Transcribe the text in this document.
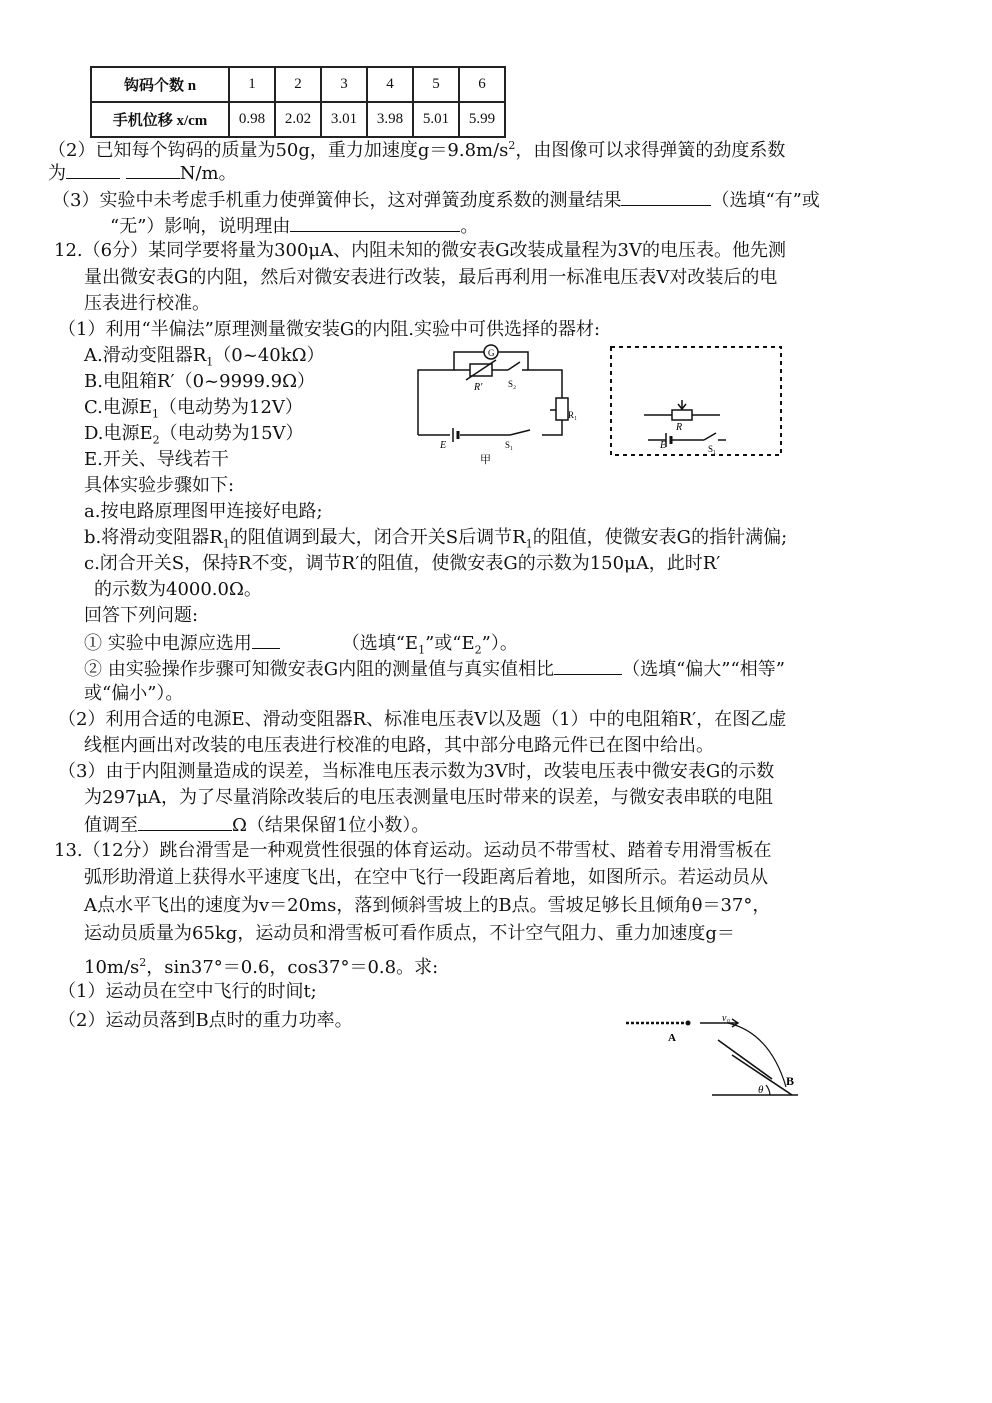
钩码个数 n	1	2	3	4	5	6
手机位移 x/cm	0.98	2.02	3.01	3.98	5.01	5.99
（2）已知每个钩码的质量为50g，重力加速度$g=9.8m/s^2$，由图像可以求得弹簧的劲度系数
为	N/m。
（3）实验中未考虑手机重力使弹簧伸长，这对弹簧劲度系数的测量结果	（选填“有”或
“无”）影响，说明理由	。
12.（6分）某同学要将量为300μA、内阻未知的微安表G改装成量程为3V的电压表。他先测
量出微安表G的内阻，然后对微安表进行改装，最后再利用一标准电压表V对改装后的电
压表进行校准。
（1）利用“半偏法”原理测量微安装G的内阻.实验中可供选择的器材:
A.滑动变阻器$R_1(0\sim 40k\Omega)$
B.电阻箱R′（0~9999.9Ω）
C.电源$E_1$（电动势为12V）
D.电源$E_2$（电动势为15V）
E.开关、导线若干
具体实验步骤如下:
a.按电路原理图甲连接好电路;
b.将滑动变阻器$R_1$的阻值调到最大，闭合开关S后调节$R_1$的阻值，使微安表G的指针满偏;
c.闭合开关S，保持R不变，调节R′的阻值，使微安表G的示数为150μA，此时R′
的示数为4000.0Ω。
回答下列问题:
① 实验中电源应选用	（选填“$E_1$”或“$E_2$”）。
② 由实验操作步骤可知微安表G内阻的测量值与真实值相比	（选填“偏大”“相等”
或“偏小”）。
（2）利用合适的电源E、滑动变阻器R、标准电压表V以及题（1）中的电阻箱R′，在图乙虚
线框内画出对改装的电压表进行校准的电路，其中部分电路元件已在图中给出。
（3）由于内阻测量造成的误差，当标准电压表示数为3V时，改装电压表中微安表G的示数
为297μA，为了尽量消除改装后的电压表测量电压时带来的误差，与微安表串联的电阻
值调至	Ω（结果保留1位小数）。
G
R′	S₂
R₁
E	S₁
甲
R
E	S₁
13.（12分）跳台滑雪是一种观赏性很强的体育运动。运动员不带雪杖、踏着专用滑雪板在
弧形助滑道上获得水平速度飞出，在空中飞行一段距离后着地，如图所示。若运动员从
A点水平飞出的速度为v＝20ms，落到倾斜雪坡上的B点。雪坡足够长且倾角θ＝37°，
运动员质量为65kg，运动员和滑雪板可看作质点，不计空气阻力、重力加速度g＝
$10m/s^2$，sin37°＝0.6，cos37°＝0.8。求:
（1）运动员在空中飞行的时间t;
（2）运动员落到B点时的重力功率。
A
v₀
B
θ
